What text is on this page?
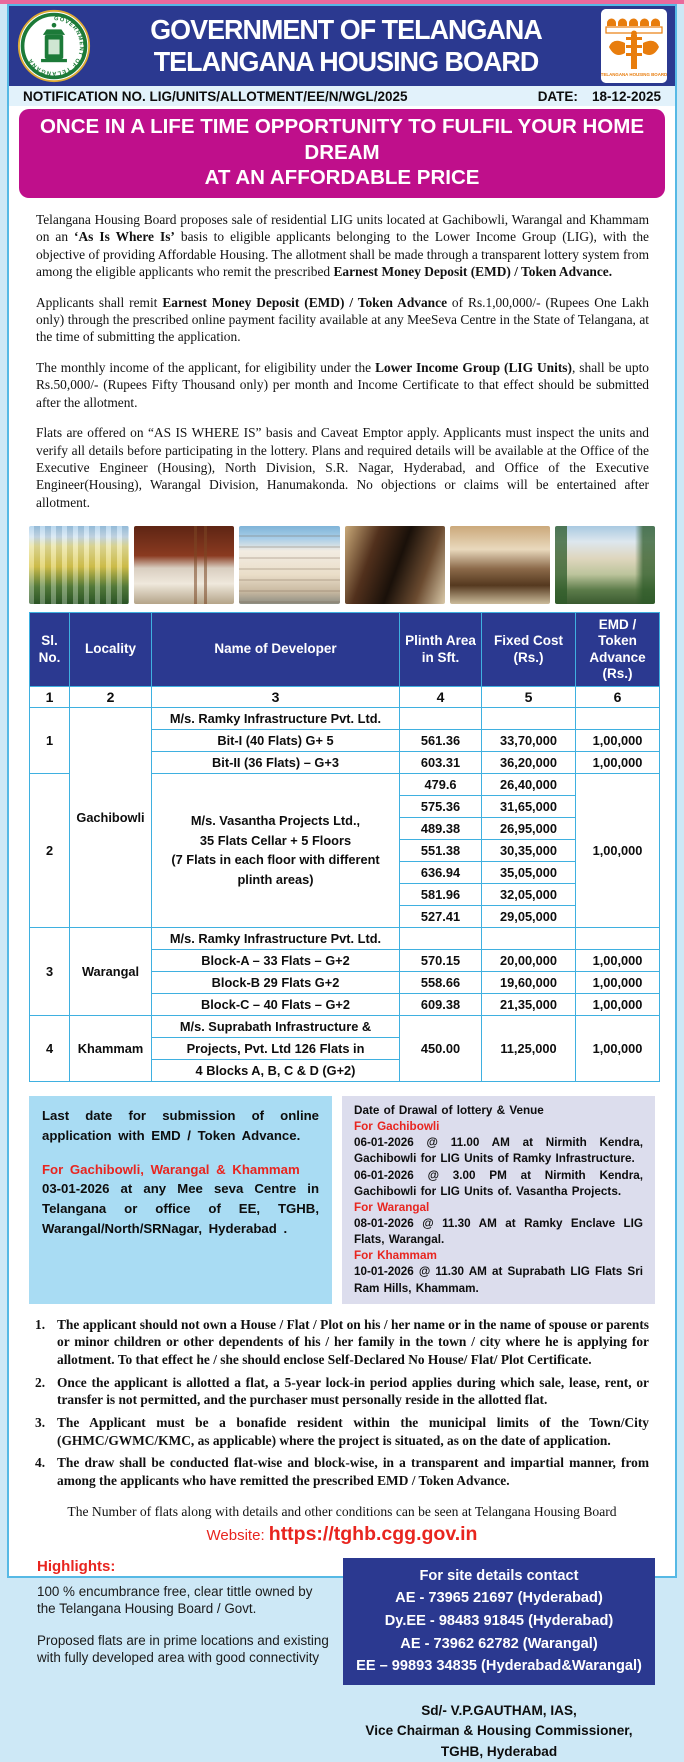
GOVERNMENT OF TELANGANA
GOVERNMENT OF TELANGANA
TELANGANA HOUSING BOARD	TELANGANA HOUSING BOARD
NOTIFICATION NO. LIG/UNITS/ALLOTMENT/EE/N/WGL/2025	DATE: 18-12-2025
ONCE IN A LIFE TIME OPPORTUNITY TO FULFIL YOUR HOME DREAM
AT AN AFFORDABLE PRICE

Telangana Housing Board proposes sale of residential LIG units located at Gachibowli, Warangal and Khammam on an ‘As Is Where Is’ basis to eligible applicants belonging to the Lower Income Group (LIG), with the objective of providing Affordable Housing. The allotment shall be made through a transparent lottery system from among the eligible applicants who remit the prescribed Earnest Money Deposit (EMD) / Token Advance.

Applicants shall remit Earnest Money Deposit (EMD) / Token Advance of Rs.1,00,000/- (Rupees One Lakh only) through the prescribed online payment facility available at any MeeSeva Centre in the State of Telangana, at the time of submitting the application.

The monthly income of the applicant, for eligibility under the Lower Income Group (LIG Units), shall be upto Rs.50,000/- (Rupees Fifty Thousand only) per month and Income Certificate to that effect should be submitted after the allotment.

Flats are offered on “AS IS WHERE IS” basis and Caveat Emptor apply. Applicants must inspect the units and verify all details before participating in the lottery. Plans and required details will be available at the Office of the Executive Engineer (Housing), North Division, S.R. Nagar, Hyderabad, and Office of the Executive Engineer(Housing), Warangal Division, Hanumakonda. No objections or claims will be entertained after allotment.

Sl. No.	Locality	Name of Developer	Plinth Area in Sft.	Fixed Cost (Rs.)	EMD / Token Advance (Rs.)
1	2	3	4	5	6
1	Gachibowli	M/s. Ramky Infrastructure Pvt. Ltd.			
		Bit-I (40 Flats) G+ 5	561.36	33,70,000	1,00,000
		Bit-II (36 Flats) – G+3	603.31	36,20,000	1,00,000
2		M/s. Vasantha Projects Ltd.,
35 Flats Cellar + 5 Floors
(7 Flats in each floor with different
plinth areas)	479.6	26,40,000	1,00,000
			575.36	31,65,000	
			489.38	26,95,000	
			551.38	30,35,000	
			636.94	35,05,000	
			581.96	32,05,000	
			527.41	29,05,000	
3	Warangal	M/s. Ramky Infrastructure Pvt. Ltd.			
		Block-A – 33 Flats – G+2	570.15	20,00,000	1,00,000
		Block-B 29 Flats G+2	558.66	19,60,000	1,00,000
		Block-C – 40 Flats – G+2	609.38	21,35,000	1,00,000
4	Khammam	M/s. Suprabath Infrastructure &	450.00	11,25,000	1,00,000
		Projects, Pvt. Ltd 126 Flats in			
		4 Blocks A, B, C & D (G+2)			
Last date for submission of online application with EMD / Token Advance.
For Gachibowli, Warangal & Khammam
03-01-2026 at any Mee seva Centre in Telangana or office of EE, TGHB, Warangal/North/SRNagar, Hyderabad .
Date of Drawal of lottery & Venue
For Gachibowli
06-01-2026 @ 11.00 AM at Nirmith Kendra, Gachibowli for LIG Units of Ramky Infrastructure.
06-01-2026 @ 3.00 PM at Nirmith Kendra, Gachibowli for LIG Units of. Vasantha Projects.
For Warangal
08-01-2026 @ 11.30 AM at Ramky Enclave LIG Flats, Warangal.
For Khammam
10-01-2026 @ 11.30 AM at Suprabath LIG Flats Sri Ram Hills, Khammam.
The applicant should not own a House / Flat / Plot on his / her name or in the name of spouse or parents or minor children or other dependents of his / her family in the town / city where he is applying for allotment. To that effect he / she should enclose Self-Declared No House/ Flat/ Plot Certificate.
Once the applicant is allotted a flat, a 5-year lock-in period applies during which sale, lease, rent, or transfer is not permitted, and the purchaser must personally reside in the allotted flat.
The Applicant must be a bonafide resident within the municipal limits of the Town/City (GHMC/GWMC/KMC, as applicable) where the project is situated, as on the date of application.
The draw shall be conducted flat-wise and block-wise, in a transparent and impartial manner, from among the applicants who have remitted the prescribed EMD / Token Advance.
The Number of flats along with details and other conditions can be seen at Telangana Housing Board
Website: https://tghb.cgg.gov.in
Highlights:
100 % encumbrance free, clear tittle owned by the Telangana Housing Board / Govt.
Proposed flats are in prime locations and existing with fully developed area with good connectivity
For site details contact
AE - 73965 21697 (Hyderabad)
Dy.EE - 98483 91845 (Hyderabad)
AE - 73962 62782 (Warangal)
EE – 99893 34835 (Hyderabad&Warangal)
Sd/- V.P.GAUTHAM, IAS,
Vice Chairman & Housing Commissioner, TGHB, Hyderabad
